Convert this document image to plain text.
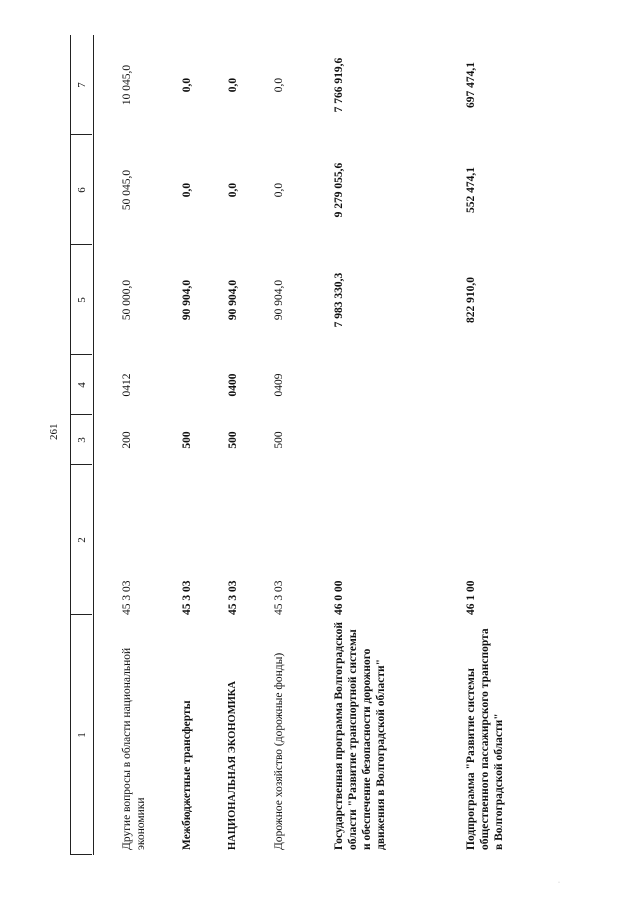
261
1
2
3
4
5
6
7
Другие вопросы в области национальной экономики
45 3 03
200
0412
50 000,0
50 045,0
10 045,0
Межбюджетные трансферты
45 3 03
500
90 904,0
0,0
0,0
НАЦИОНАЛЬНАЯ ЭКОНОМИКА
45 3 03
500
0400
90 904,0
0,0
0,0
Дорожное хозяйство (дорожные фонды)
45 3 03
500
0409
90 904,0
0,0
0,0
Государственная программа Волгоградской области "Развитие транспортной системы и обеспечение безопасности дорожного движения в Волгоградской области"
46 0 00
7 983 330,3
9 279 055,6
7 766 919,6
Подпрограмма "Развитие системы общественного пассажирского транспорта в Волгоградской области"
46 1 00
822 910,0
552 474,1
697 474,1
·
